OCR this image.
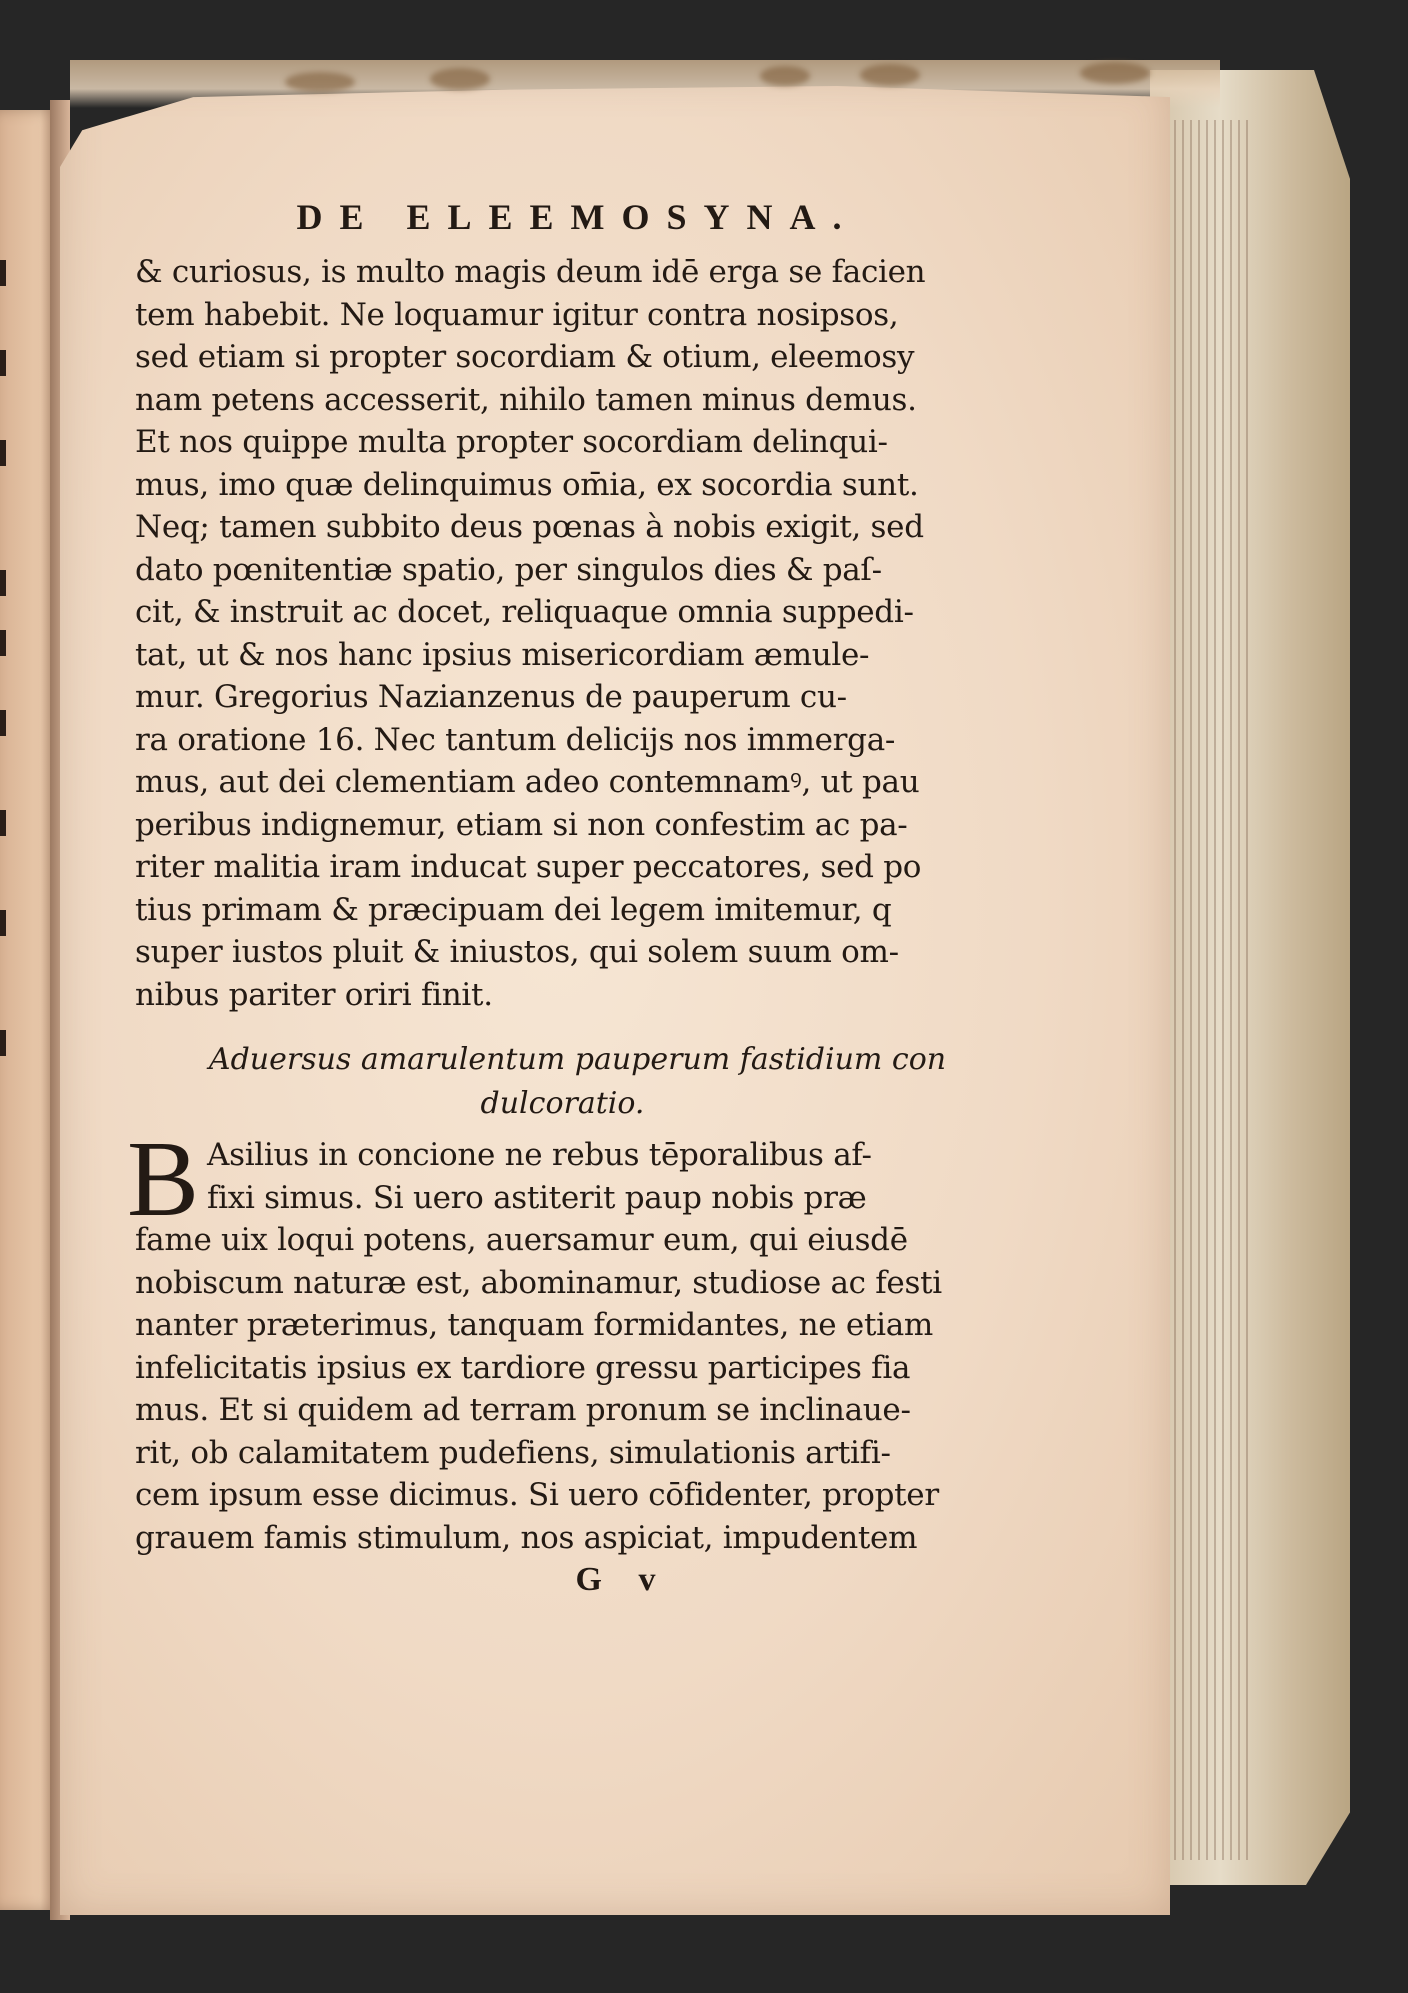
DE ELEEMOSYNA.
& curiosus, is multo magis deum idē erga se facien
tem habebit. Ne loquamur igitur contra nosipsos,
sed etiam si propter socordiam & otium, eleemosy
nam petens accesserit, nihilo tamen minus demus.
Et nos quippe multa propter socordiam delinqui-
mus, imo quæ delinquimus om̄ia, ex socordia sunt.
Neq; tamen subbito deus pœnas à nobis exigit, sed
dato pœnitentiæ spatio, per singulos dies & paſ-
cit, & instruit ac docet, reliquaque omnia suppedi-
tat, ut & nos hanc ipsius misericordiam æmule-
mur. Gregorius Nazianzenus de pauperum cu-
ra oratione 16. Nec tantum delicijs nos immerga-
mus, aut dei clementiam adeo contemnamꝰ, ut pau
peribus indignemur, etiam si non confestim ac pa-
riter malitia iram inducat super peccatores, sed po
tius primam & præcipuam dei legem imitemur, q
super iustos pluit & iniustos, qui solem suum om-
nibus pariter oriri finit.
Aduersus amarulentum pauperum fastidium con
dulcoratio.
B Asilius in concione ne rebus tēporalibus af-
fixi simus. Si uero astiterit paup nobis præ
fame uix loqui potens, auersamur eum, qui eiusdē
nobiscum naturæ est, abominamur, studiose ac festi
nanter præterimus, tanquam formidantes, ne etiam
infelicitatis ipsius ex tardiore gressu participes fia
mus. Et si quidem ad terram pronum se inclinaue-
rit, ob calamitatem pudefiens, simulationis artifi-
cem ipsum esse dicimus. Si uero cōfidenter, propter
grauem famis stimulum, nos aspiciat, impudentem
G v
